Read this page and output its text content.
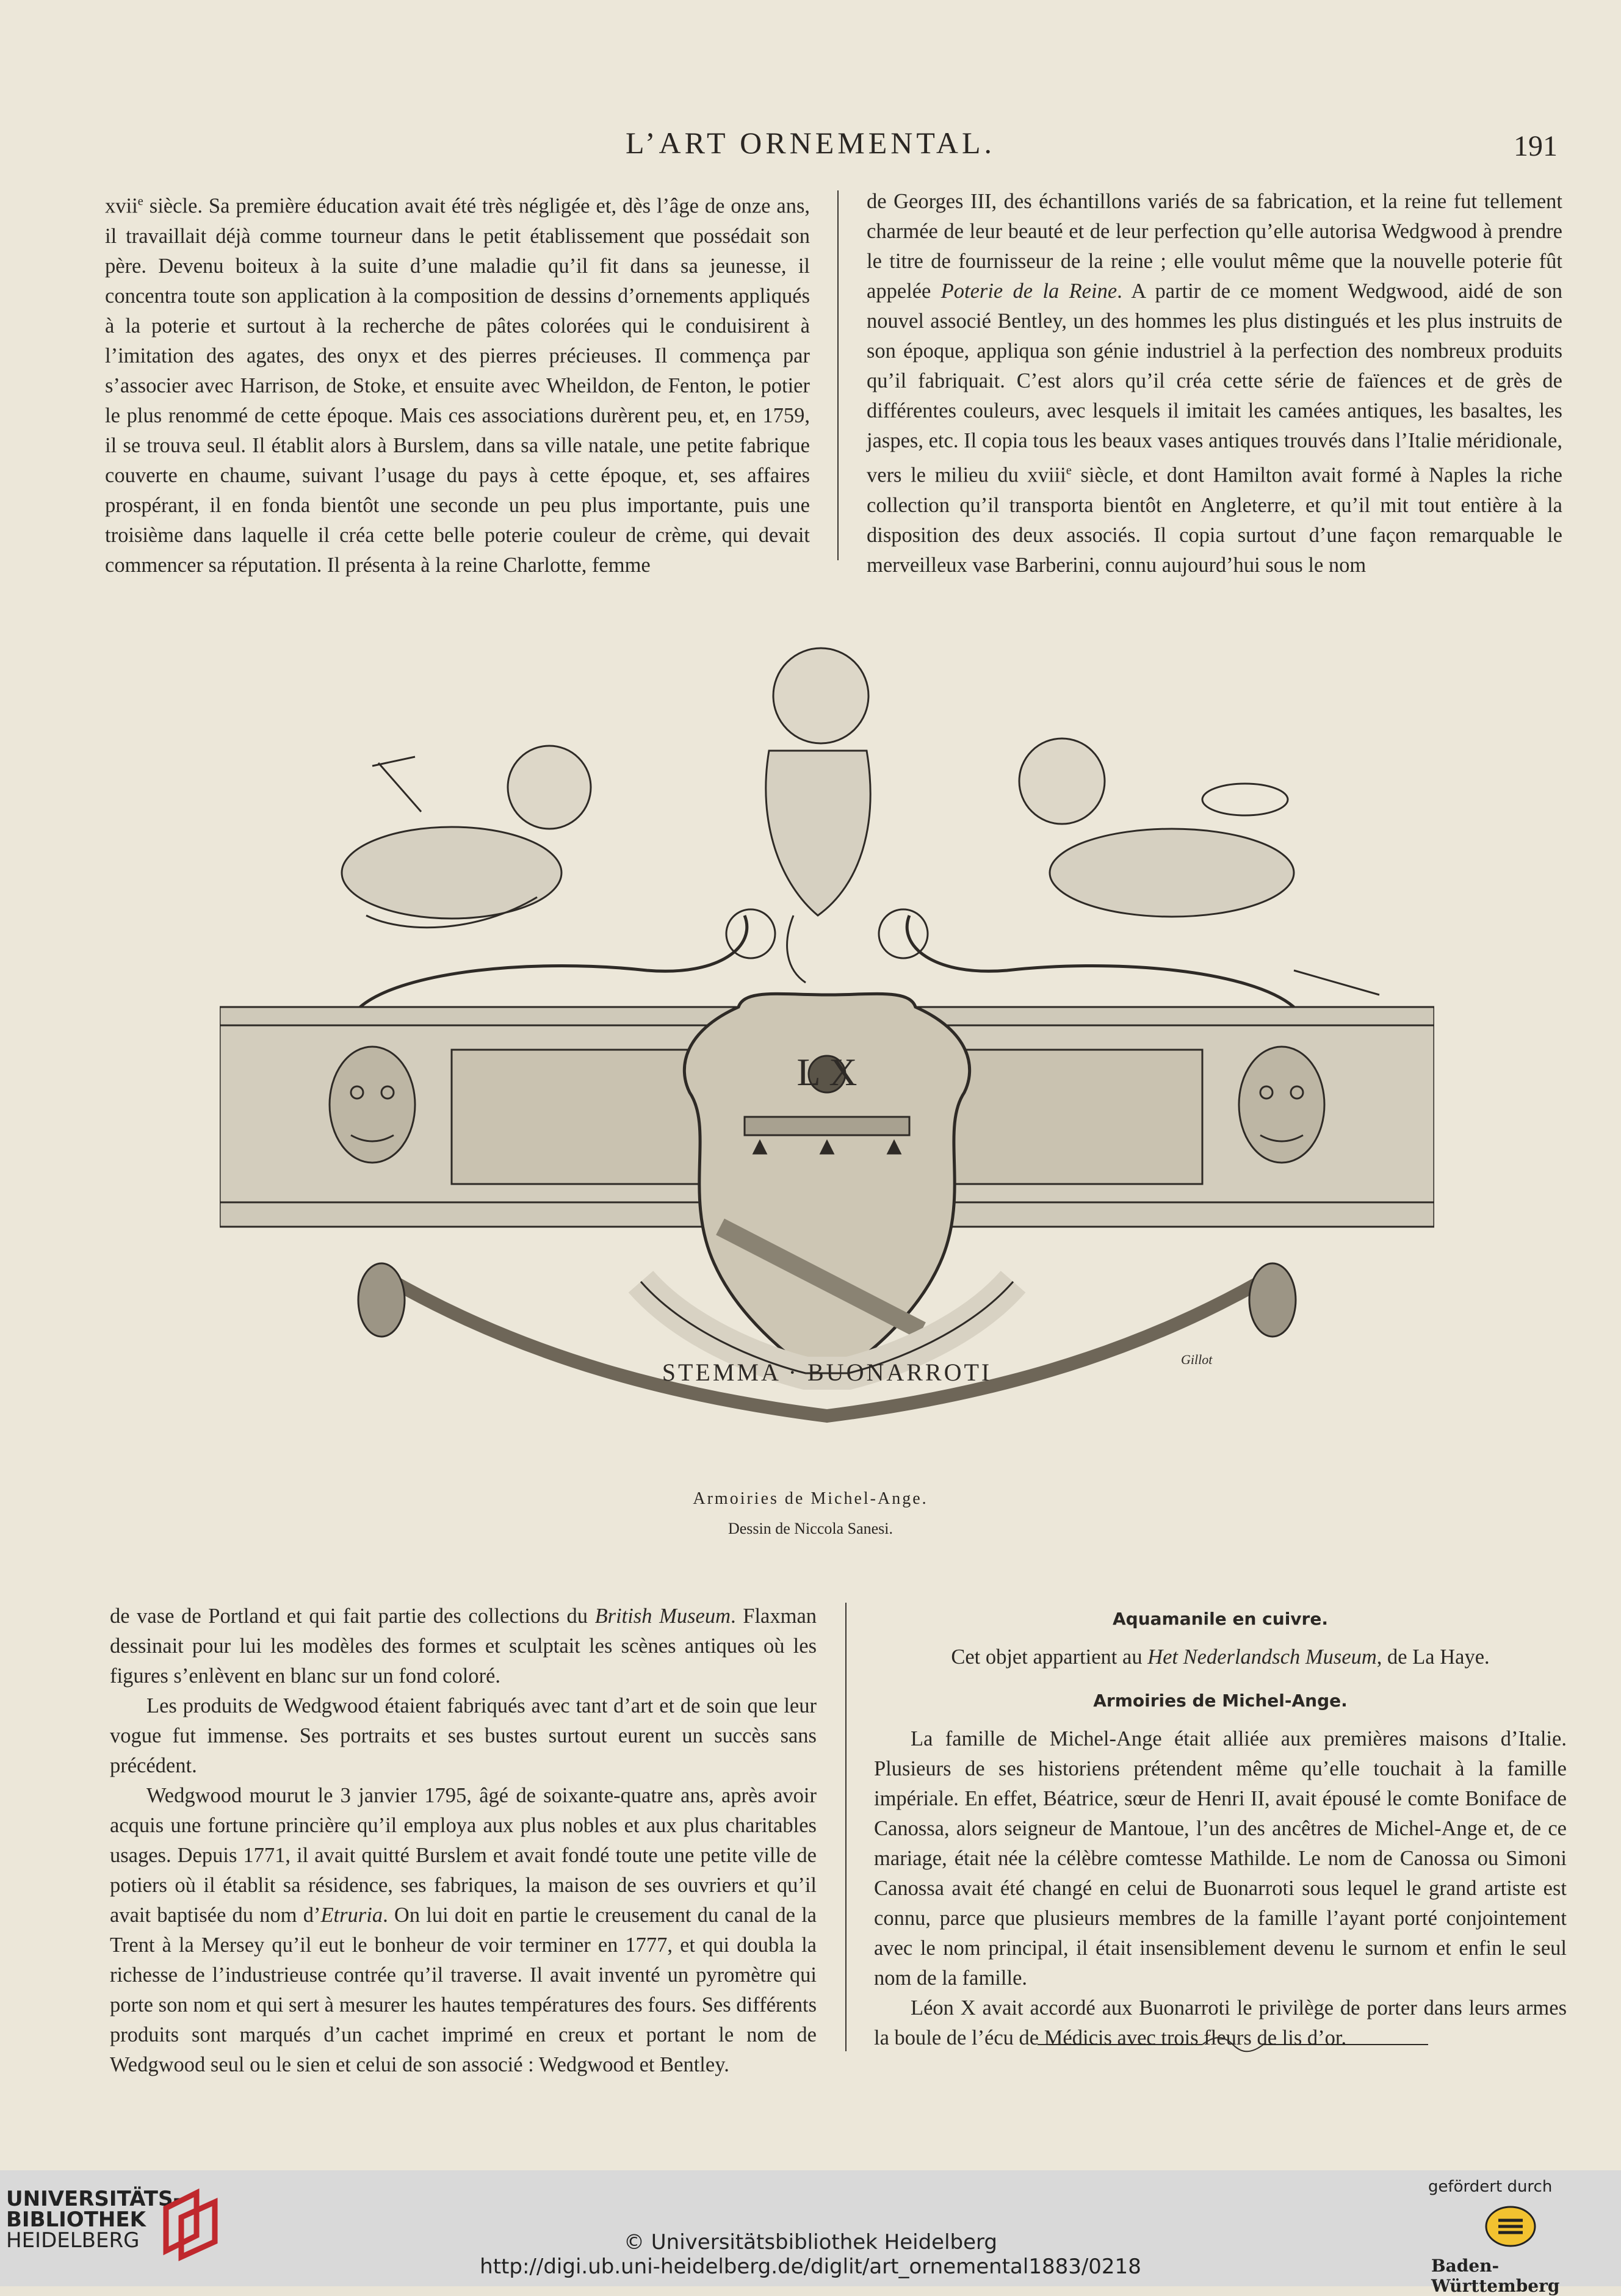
L’ART ORNEMENTAL.	191

xvii$^e$ siècle. Sa première éducation avait été très négligée et, dès l’âge de onze ans, il travaillait déjà comme tourneur dans le petit établissement que possédait son père. Devenu boiteux à la suite d’une maladie qu’il fit dans sa jeunesse, il concentra toute son application à la composition de dessins d’ornements appliqués à la poterie et surtout à la recherche de pâtes colorées qui le conduisirent à l’imitation des agates, des onyx et des pierres précieuses. Il commença par s’associer avec Harrison, de Stoke, et ensuite avec Wheildon, de Fenton, le potier le plus renommé de cette époque. Mais ces associations durèrent peu, et, en 1759, il se trouva seul. Il établit alors à Burslem, dans sa ville natale, une petite fabrique couverte en chaume, suivant l’usage du pays à cette époque, et, ses affaires prospérant, il en fonda bientôt une seconde un peu plus importante, puis une troisième dans laquelle il créa cette belle poterie couleur de crème, qui devait commencer sa réputation. Il présenta à la reine Charlotte, femme

de Georges III, des échantillons variés de sa fabrication, et la reine fut tellement charmée de leur beauté et de leur perfection qu’elle autorisa Wedgwood à prendre le titre de fournisseur de la reine ; elle voulut même que la nouvelle poterie fût appelée Poterie de la Reine. A partir de ce moment Wedgwood, aidé de son nouvel associé Bentley, un des hommes les plus distingués et les plus instruits de son époque, appliqua son génie industriel à la perfection des nombreux produits qu’il fabriquait. C’est alors qu’il créa cette série de faïences et de grès de différentes couleurs, avec lesquels il imitait les camées antiques, les basaltes, les jaspes, etc. Il copia tous les beaux vases antiques trouvés dans l’Italie méridionale, vers le milieu du xviii$^e$ siècle, et dont Hamilton avait formé à Naples la riche collection qu’il transporta bientôt en Angleterre, et qu’il mit tout entière à la disposition des deux associés. Il copia surtout d’une façon remarquable le merveilleux vase Barberini, connu aujourd’hui sous le nom

L X
STEMMA · BUONARROTI	Gillot
Armoiries de Michel-Ange.
Dessin de Niccola Sanesi.

de vase de Portland et qui fait partie des collections du British Museum. Flaxman dessinait pour lui les modèles des formes et sculptait les scènes antiques où les figures s’enlèvent en blanc sur un fond coloré.

Les produits de Wedgwood étaient fabriqués avec tant d’art et de soin que leur vogue fut immense. Ses portraits et ses bustes surtout eurent un succès sans précédent.

Wedgwood mourut le 3 janvier 1795, âgé de soixante-quatre ans, après avoir acquis une fortune princière qu’il employa aux plus nobles et aux plus charitables usages. Depuis 1771, il avait quitté Burslem et avait fondé toute une petite ville de potiers où il établit sa résidence, ses fabriques, la maison de ses ouvriers et qu’il avait baptisée du nom d’Etruria. On lui doit en partie le creusement du canal de la Trent à la Mersey qu’il eut le bonheur de voir terminer en 1777, et qui doubla la richesse de l’industrieuse contrée qu’il traverse. Il avait inventé un pyromètre qui porte son nom et qui sert à mesurer les hautes températures des fours. Ses différents produits sont marqués d’un cachet imprimé en creux et portant le nom de Wedgwood seul ou le sien et celui de son associé : Wedgwood et Bentley.

Aquamanile en cuivre.

Cet objet appartient au Het Nederlandsch Museum, de La Haye.

Armoiries de Michel-Ange.

La famille de Michel-Ange était alliée aux premières maisons d’Italie. Plusieurs de ses historiens prétendent même qu’elle touchait à la famille impériale. En effet, Béatrice, sœur de Henri II, avait épousé le comte Boniface de Canossa, alors seigneur de Mantoue, l’un des ancêtres de Michel-Ange et, de ce mariage, était née la célèbre comtesse Mathilde. Le nom de Canossa ou Simoni Canossa avait été changé en celui de Buonarroti sous lequel le grand artiste est connu, parce que plusieurs membres de la famille l’ayant porté conjointement avec le nom principal, il était insensiblement devenu le surnom et enfin le seul nom de la famille.

Léon X avait accordé aux Buonarroti le privilège de porter dans leurs armes la boule de l’écu de Médicis avec trois fleurs de lis d’or.

UNIVERSITÄTS-
BIBLIOTHEK
HEIDELBERG	© Universitätsbibliothek Heidelberg
http://digi.ub.uni-heidelberg.de/diglit/art_ornemental1883/0218
gefördert durch
Baden-Württemberg
